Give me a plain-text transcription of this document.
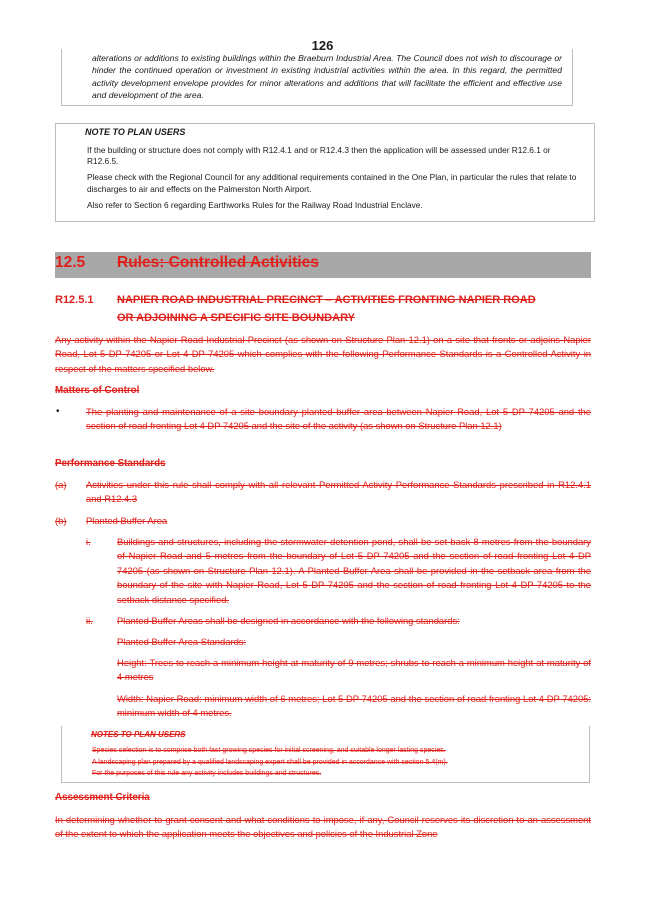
126

alterations or additions to existing buildings within the Braeburn Industrial Area. The Council does not wish to discourage or hinder the continued operation or investment in existing industrial activities within the area. In this regard, the permitted activity development envelope provides for minor alterations and additions that will facilitate the efficient and effective use and development of the area.

NOTE TO PLAN USERS

If the building or structure does not comply with R12.4.1 and or R12.4.3 then the application will be assessed under R12.6.1 or R12.6.5.

Please check with the Regional Council for any additional requirements contained in the One Plan, in particular the rules that relate to discharges to air and effects on the Palmerston North Airport.

Also refer to Section 6 regarding Earthworks Rules for the Railway Road Industrial Enclave.

12.5 Rules: Controlled Activities
R12.5.1 NAPIER ROAD INDUSTRIAL PRECINCT – ACTIVITIES FRONTING NAPIER ROAD
OR ADJOINING A SPECIFIC SITE BOUNDARY
Any activity within the Napier Road Industrial Precinct (as shown on Structure Plan 12.1) on a site that fronts or adjoins Napier Road, Lot 5 DP 74205 or Lot 4 DP 74205 which complies with the following Performance Standards is a Controlled Activity in respect of the matters specified below.
Matters of Control
•	The planting and maintenance of a site boundary planted buffer area between Napier Road, Lot 5 DP 74205 and the section of road fronting Lot 4 DP 74205 and the site of the activity (as shown on Structure Plan 12.1)
Performance Standards
(a) Activities under this rule shall comply with all relevant Permitted Activity Performance Standards prescribed in R12.4.1 and R12.4.3
(b) Planted Buffer Area
i.	Buildings and structures, including the stormwater detention pond, shall be set back 8 metres from the boundary of Napier Road and 5 metres from the boundary of Lot 5 DP 74205 and the section of road fronting Lot 4 DP 74205 (as shown on Structure Plan 12.1). A Planted Buffer Area shall be provided in the setback area from the boundary of the site with Napier Road, Lot 5 DP 74205 and the section of road fronting Lot 4 DP 74205 to the setback distance specified.
ii.	Planted Buffer Areas shall be designed in accordance with the following standards:
Planted Buffer Area Standards:
Height: Trees to reach a minimum height at maturity of 9 metres; shrubs to reach a minimum height at maturity of 4 metres
Width: Napier Road: minimum width of 6 metres; Lot 5 DP 74205 and the section of road fronting Lot 4 DP 74205: minimum width of 4 metres.
NOTES TO PLAN USERS

Species selection is to comprise both fast growing species for initial screening, and suitable longer lasting species.

A landscaping plan prepared by a qualified landscaping expert shall be provided in accordance with section 5.4(m).

For the purposes of this rule any activity includes buildings and structures.

Assessment Criteria
In determining whether to grant consent and what conditions to impose, if any, Council reserves its discretion to an assessment of the extent to which the application meets the objectives and policies of the Industrial Zone
